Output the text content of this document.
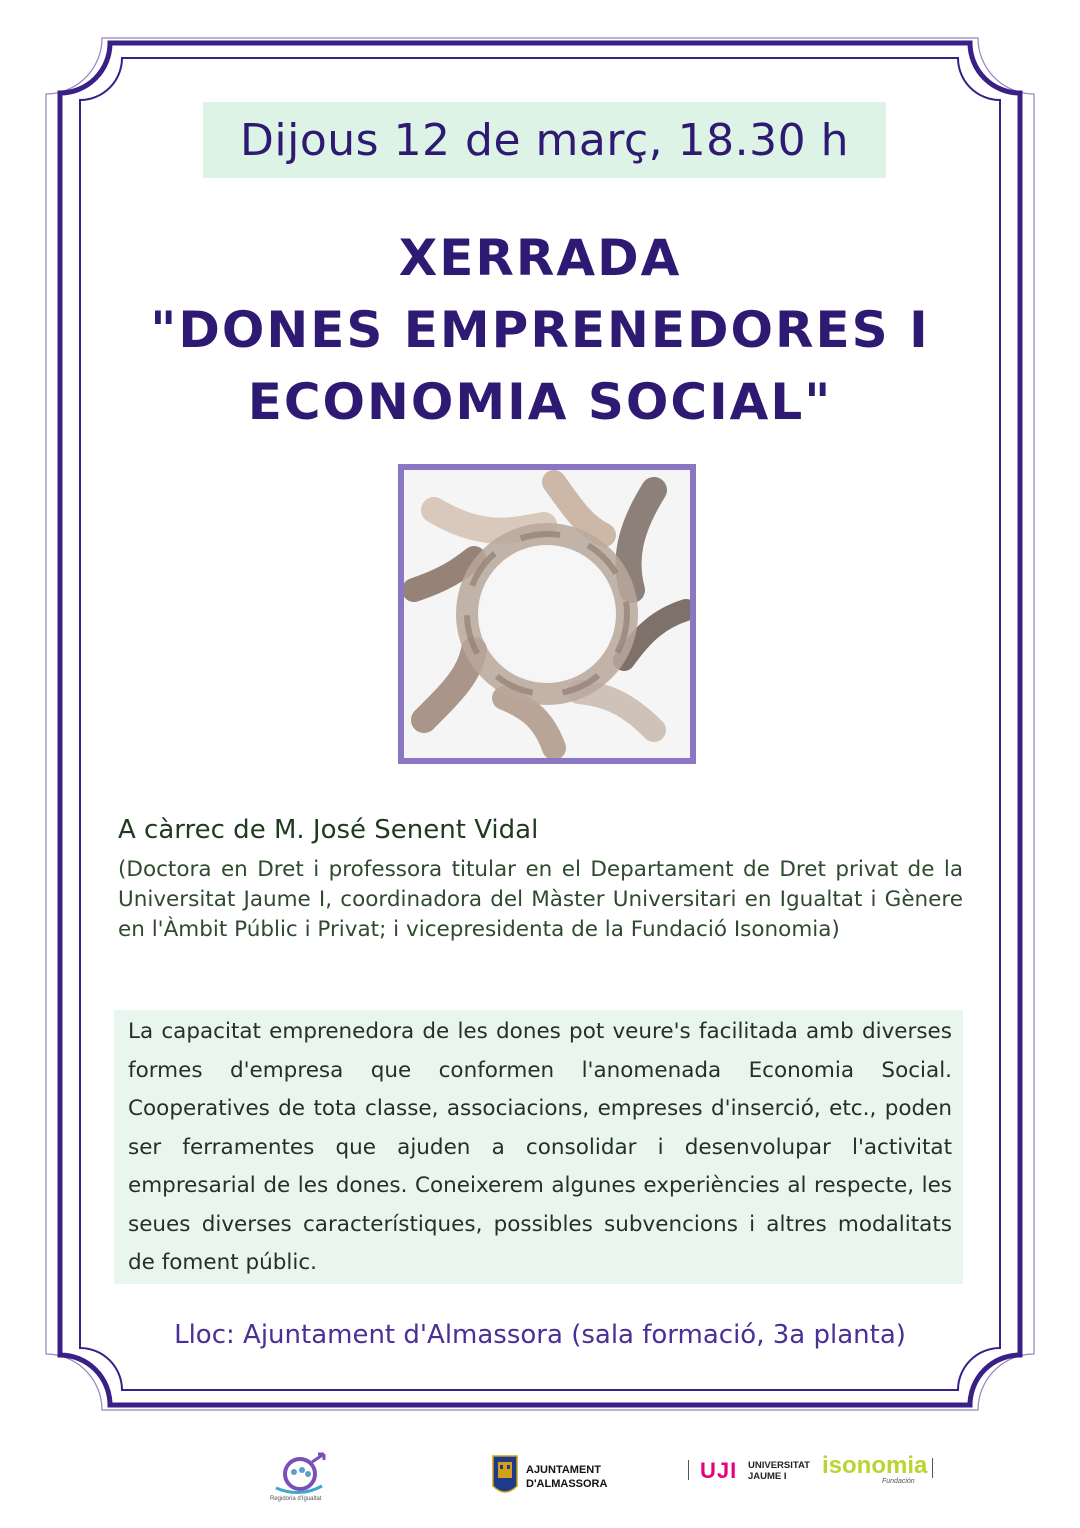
Dijous 12 de març, 18.30 h
XERRADA
"DONES EMPRENEDORES I
ECONOMIA SOCIAL"
A càrrec de M. José Senent Vidal
(Doctora en Dret i professora titular en el Departament de Dret privat de la Universitat Jaume I, coordinadora del Màster Universitari en Igualtat i Gènere en l'Àmbit Públic i Privat; i vicepresidenta de la Fundació Isonomia)
La capacitat emprenedora de les dones pot veure's facilitada amb diverses formes d'empresa que conformen l'anomenada Economia Social. Cooperatives de tota classe, associacions, empreses d'inserció, etc., poden ser ferramentes que ajuden a consolidar i desenvolupar l'activitat empresarial de les dones. Coneixerem algunes experiències al respecte, les seues diverses característiques, possibles subvencions i altres modalitats de foment públic.
Lloc: Ajuntament d'Almassora (sala formació, 3a planta)
Regidoria d'Igualtat
AJUNTAMENT
D'ALMASSORA
UJI UNIVERSITAT
JAUME I isonomia
Fundación
